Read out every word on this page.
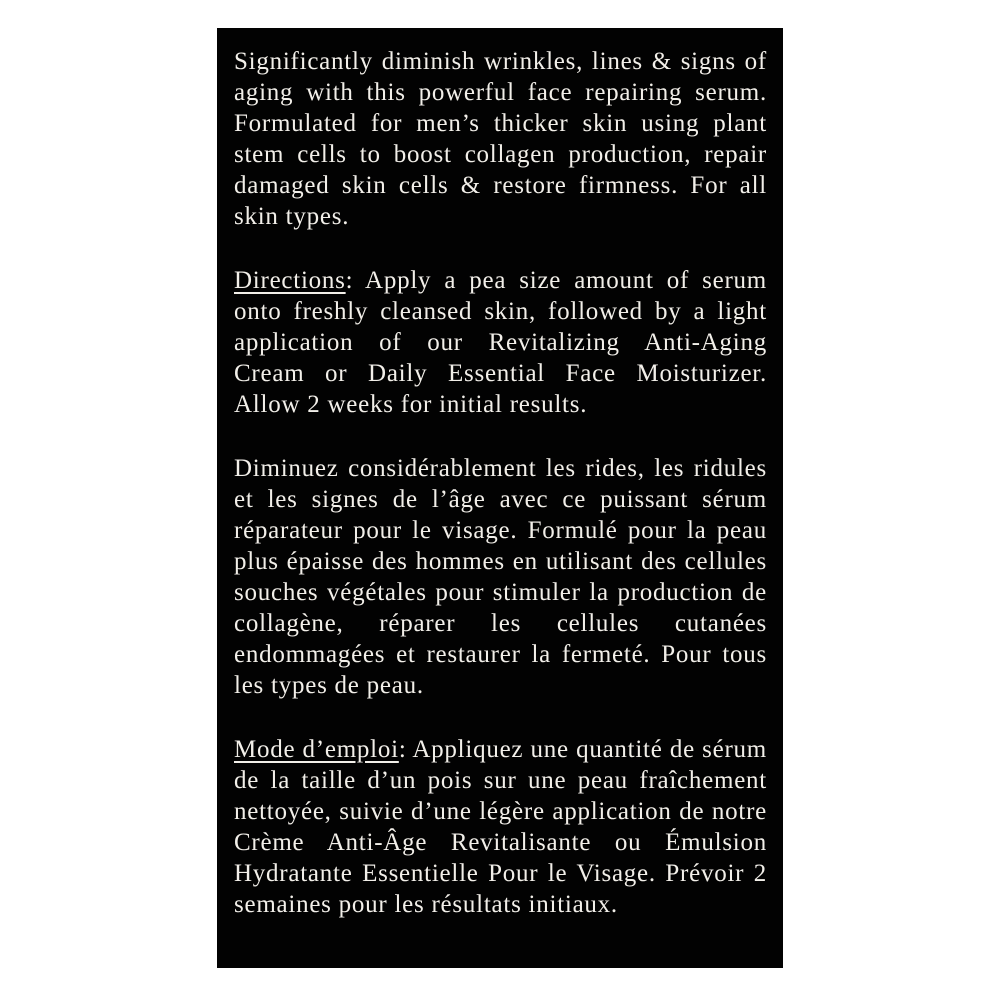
Significantly diminish wrinkles, lines & signs of aging with this powerful face repairing serum. Formulated for men’s thicker skin using plant stem cells to boost collagen production, repair damaged skin cells & restore firmness. For all skin types.

Directions: Apply a pea size amount of serum onto freshly cleansed skin, followed by a light application of our Revitalizing Anti-Aging Cream or Daily Essential Face Moisturizer. Allow 2 weeks for initial results.

Diminuez considérablement les rides, les ridules et les signes de l’âge avec ce puissant sérum réparateur pour le visage. Formulé pour la peau plus épaisse des hommes en utilisant des cellules souches végétales pour stimuler la production de collagène, réparer les cellules cutanées endommagées et restaurer la fermeté. Pour tous les types de peau.

Mode d’emploi: Appliquez une quantité de sérum de la taille d’un pois sur une peau fraîchement nettoyée, suivie d’une légère application de notre Crème Anti-Âge Revitalisante ou Émulsion Hydratante Essentielle Pour le Visage. Prévoir 2 semaines pour les résultats initiaux.
